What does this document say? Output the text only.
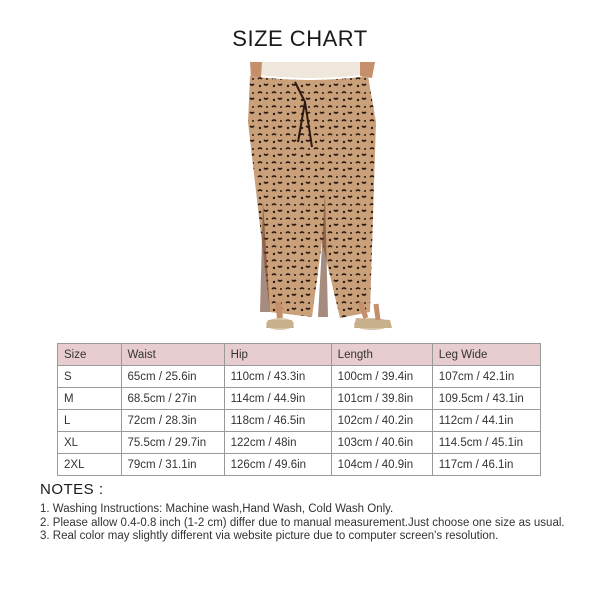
SIZE CHART
Size	Waist	Hip	Length	Leg Wide
S	65cm / 25.6in	110cm / 43.3in	100cm / 39.4in	107cm / 42.1in
M	68.5cm / 27in	114cm / 44.9in	101cm / 39.8in	109.5cm / 43.1in
L	72cm / 28.3in	118cm / 46.5in	102cm / 40.2in	112cm / 44.1in
XL	75.5cm / 29.7in	122cm / 48in	103cm / 40.6in	114.5cm / 45.1in
2XL	79cm / 31.1in	126cm / 49.6in	104cm / 40.9in	117cm / 46.1in
NOTES :
1. Washing Instructions: Machine wash,Hand Wash, Cold Wash Only.
2. Please allow 0.4-0.8 inch (1-2 cm) differ due to manual measurement.Just choose one size as usual.
3. Real color may slightly different via website picture due to computer screen's resolution.
